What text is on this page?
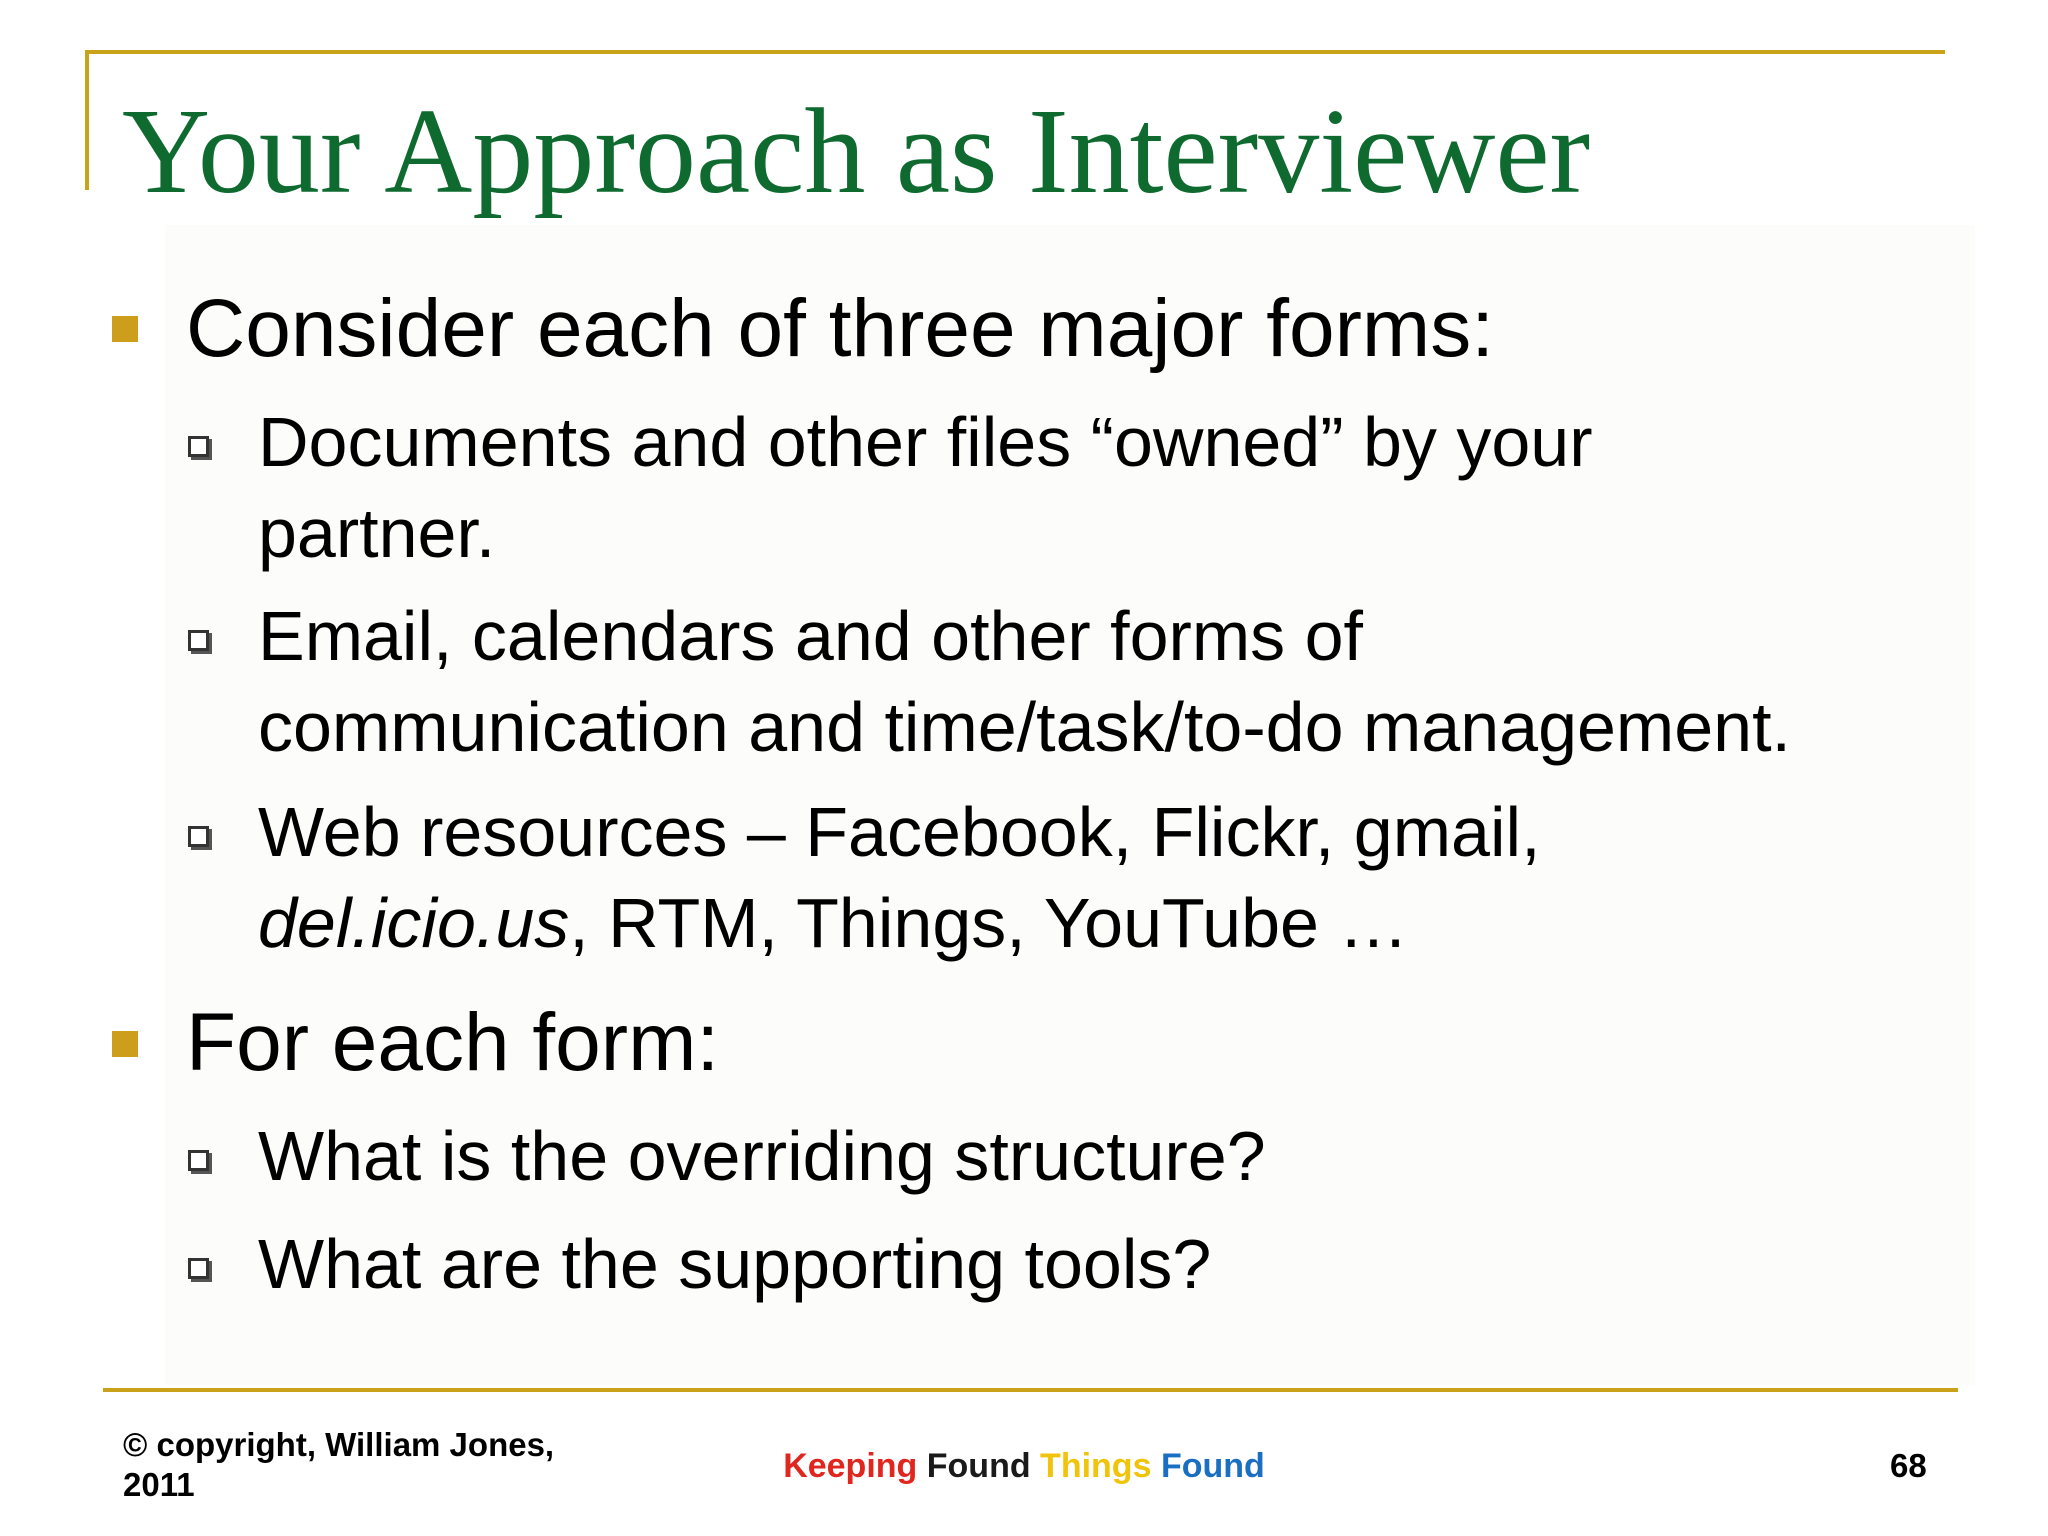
Your Approach as Interviewer
Consider each of three major forms:
Documents and other files “owned” by your
partner.
Email, calendars and other forms of
communication and time/task/to-do management.
Web resources – Facebook, Flickr, gmail,
del.icio.us, RTM, Things, YouTube …
For each form:
What is the overriding structure?
What are the supporting tools?
© copyright, William Jones,
2011	Keeping Found Things Found	68
